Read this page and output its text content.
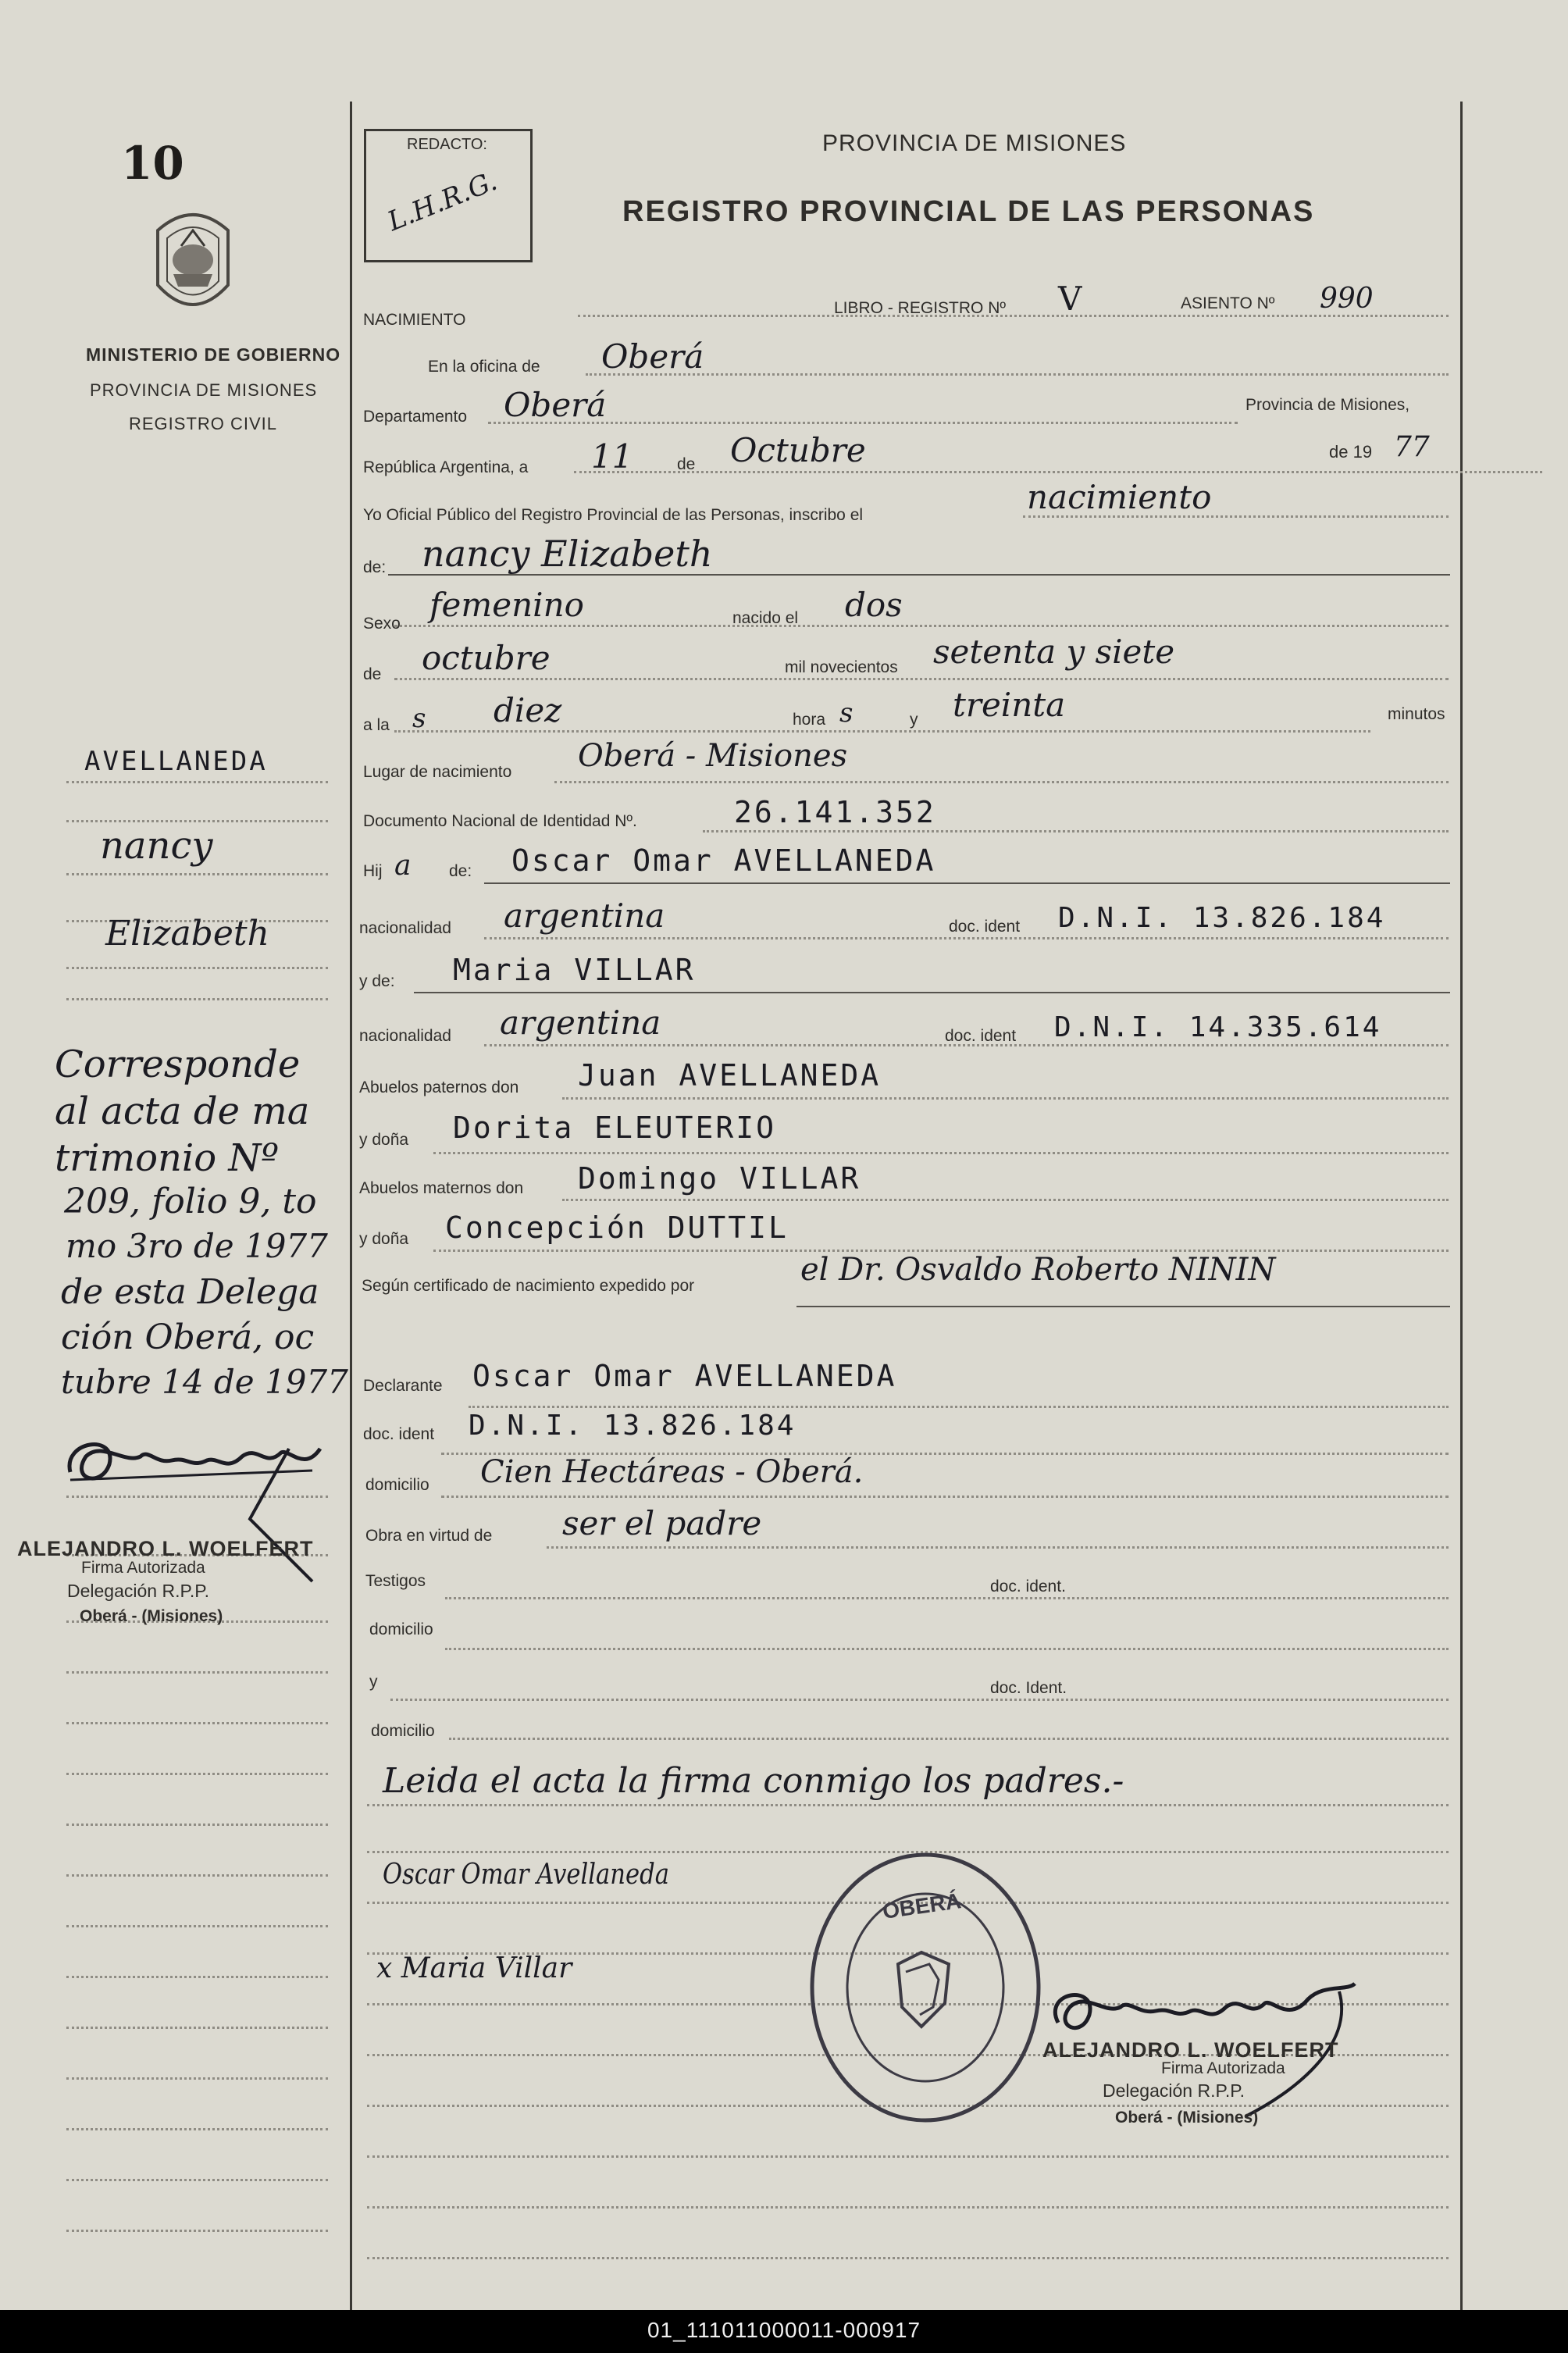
10
MINISTERIO DE GOBIERNO
PROVINCIA DE MISIONES
REGISTRO CIVIL
AVELLANEDA
nancy
Elizabeth
Corresponde
al acta de ma
trimonio Nº
209, folio 9, to
mo 3ro de 1977
de esta Delega
ción Oberá, oc
tubre 14 de 1977
ALEJANDRO L. WOELFERT
Firma Autorizada
Delegación R.P.P.
Oberá - (Misiones)
REDACTO:
L.H.R.G.
PROVINCIA DE MISIONES
REGISTRO PROVINCIAL DE LAS PERSONAS
NACIMIENTO
LIBRO - REGISTRO Nº V	ASIENTO Nº 990
En la oficina de Oberá
Departamento Oberá	Provincia de Misiones,
República Argentina, a 11	de Octubre	de 19 77
Yo Oficial Público del Registro Provincial de las Personas, inscribo el	nacimiento
de: nancy Elizabeth
Sexo femenino	nacido el dos
de octubre	mil novecientos setenta y siete
a la s diez	hora s	y treinta	minutos
Lugar de nacimiento Oberá - Misiones
Documento Nacional de Identidad Nº.	26.141.352
Hij a de: Oscar Omar AVELLANEDA
nacionalidad argentina	doc. ident D.N.I. 13.826.184
y de: Maria VILLAR
nacionalidad argentina	doc. ident D.N.I. 14.335.614
Abuelos paternos don Juan AVELLANEDA
y doña Dorita ELEUTERIO
Abuelos maternos don Domingo VILLAR
y doña Concepción DUTTIL
Según certificado de nacimiento expedido por	el Dr. Osvaldo Roberto NININ
Declarante Oscar Omar AVELLANEDA
doc. ident D.N.I. 13.826.184
domicilio Cien Hectáreas - Oberá.
Obra en virtud de ser el padre
Testigos	doc. ident.
domicilio
y	doc. Ident.
domicilio
Leida el acta la firma conmigo los padres.-
Oscar Omar Avellaneda
x Maria Villar
OBERÁ
ALEJANDRO L. WOELFERT
Firma Autorizada
Delegación R.P.P.
Oberá - (Misiones)
01_111011000011-000917
